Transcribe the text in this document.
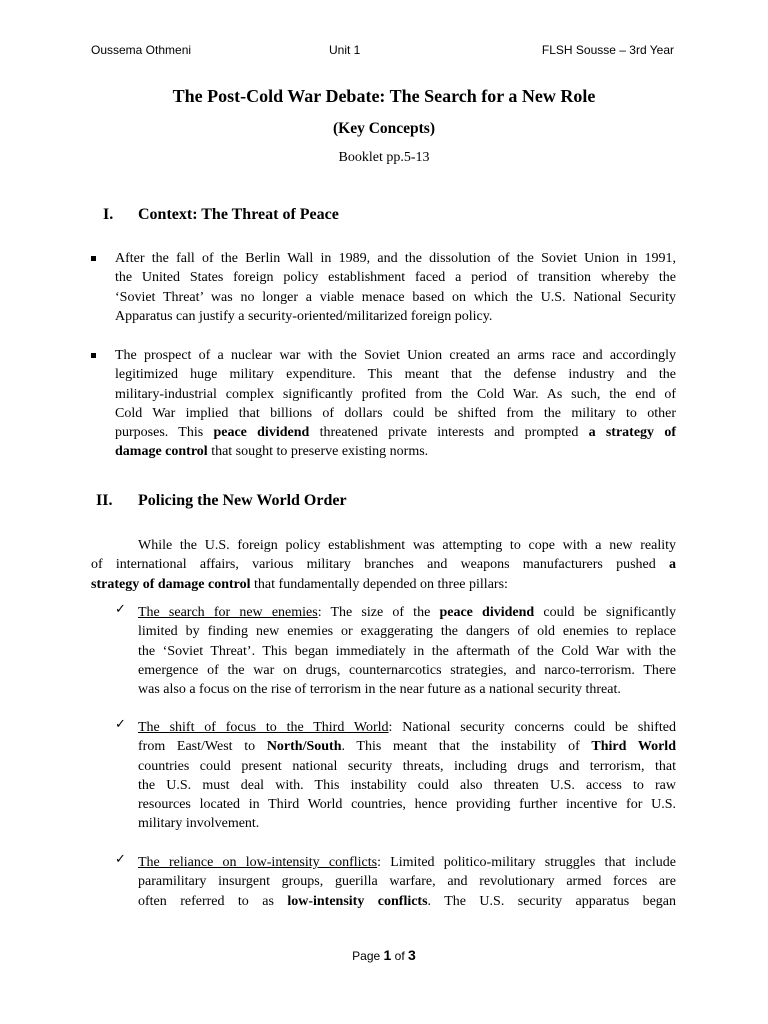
Oussema Othmeni	Unit 1	FLSH Sousse – 3rd Year
The Post-Cold War Debate: The Search for a New Role
(Key Concepts)
Booklet pp.5-13
I. Context: The Threat of Peace
After the fall of the Berlin Wall in 1989, and the dissolution of the Soviet Union in 1991,
the United States foreign policy establishment faced a period of transition whereby the
‘Soviet Threat’ was no longer a viable menace based on which the U.S. National Security
Apparatus can justify a security-oriented/militarized foreign policy.
The prospect of a nuclear war with the Soviet Union created an arms race and accordingly
legitimized huge military expenditure. This meant that the defense industry and the
military-industrial complex significantly profited from the Cold War. As such, the end of
Cold War implied that billions of dollars could be shifted from the military to other
purposes. This peace dividend threatened private interests and prompted a strategy of
damage control that sought to preserve existing norms.
II. Policing the New World Order
While the U.S. foreign policy establishment was attempting to cope with a new reality
of international affairs, various military branches and weapons manufacturers pushed a
strategy of damage control that fundamentally depended on three pillars:
✓ The search for new enemies: The size of the peace dividend could be significantly
limited by finding new enemies or exaggerating the dangers of old enemies to replace
the ‘Soviet Threat’. This began immediately in the aftermath of the Cold War with the
emergence of the war on drugs, counternarcotics strategies, and narco-terrorism. There
was also a focus on the rise of terrorism in the near future as a national security threat.
✓ The shift of focus to the Third World: National security concerns could be shifted
from East/West to North/South. This meant that the instability of Third World
countries could present national security threats, including drugs and terrorism, that
the U.S. must deal with. This instability could also threaten U.S. access to raw
resources located in Third World countries, hence providing further incentive for U.S.
military involvement.
✓ The reliance on low-intensity conflicts: Limited politico-military struggles that include
paramilitary insurgent groups, guerilla warfare, and revolutionary armed forces are
often referred to as low-intensity conflicts. The U.S. security apparatus began
Page 1 of 3
